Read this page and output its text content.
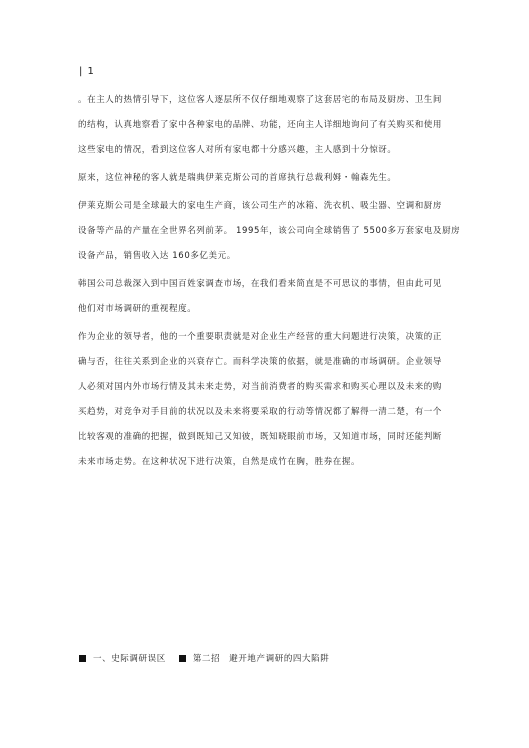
| 1
。在主人的热情引导下，这位客人逐层所不仅仔细地观察了这套居宅的布局及厨房、卫生间
的结构，认真地察看了家中各种家电的品牌、功能，还向主人详细地询问了有关购买和使用
这些家电的情况，看到这位客人对所有家电都十分感兴趣，主人感到十分惊讶。
原来，这位神秘的客人就是瑞典伊莱克斯公司的首席执行总裁利姆・翰森先生。
伊莱克斯公司是全球最大的家电生产商，该公司生产的冰箱、洗衣机、吸尘器、空调和厨房
设备等产品的产量在全世界名列前茅。 1995年，该公司向全球销售了 5500多万套家电及厨房
设备产品，销售收入达 160多亿美元。
韩国公司总裁深入到中国百姓家调查市场，在我们看来简直是不可思议的事情，但由此可见
他们对市场调研的重视程度。
作为企业的领导者，他的一个重要职责就是对企业生产经营的重大问题进行决策，决策的正
确与否，往往关系到企业的兴衰存亡。而科学决策的依据，就是准确的市场调研。企业领导
人必须对国内外市场行情及其未来走势，对当前消费者的购买需求和购买心理以及未来的购
买趋势，对竞争对手目前的状况以及未来将要采取的行动等情况都了解得一清二楚，有一个
比较客观的准确的把握，做到既知己又知彼，既知晓眼前市场，又知道市场，同时还能判断
未来市场走势。在这种状况下进行决策，自然是成竹在胸，胜券在握。
一、史际调研误区	第二招　避开地产调研的四大陷阱
